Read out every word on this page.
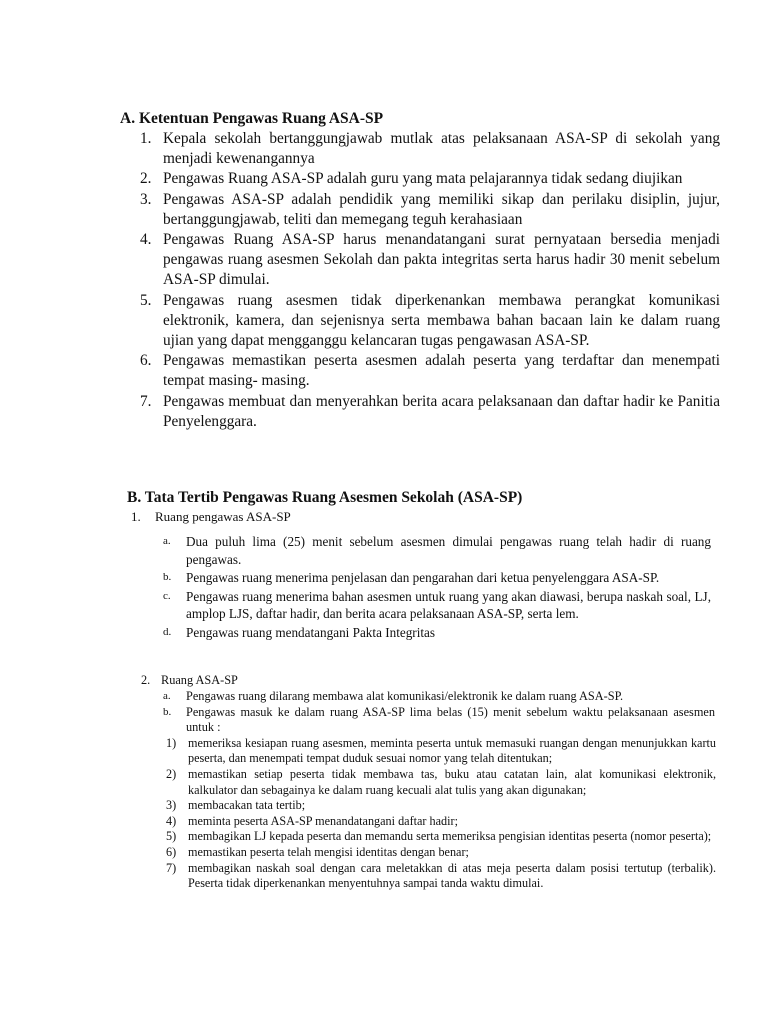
A. Ketentuan Pengawas Ruang ASA-SP
1. Kepala sekolah bertanggungjawab mutlak atas pelaksanaan ASA-SP di sekolah yang menjadi kewenangannya
2. Pengawas Ruang ASA-SP adalah guru yang mata pelajarannya tidak sedang diujikan
3. Pengawas ASA-SP adalah pendidik yang memiliki sikap dan perilaku disiplin, jujur, bertanggungjawab, teliti dan memegang teguh kerahasiaan
4. Pengawas Ruang ASA-SP harus menandatangani surat pernyataan bersedia menjadi pengawas ruang asesmen Sekolah dan pakta integritas serta harus hadir 30 menit sebelum ASA-SP dimulai.
5. Pengawas ruang asesmen tidak diperkenankan membawa perangkat komunikasi elektronik, kamera, dan sejenisnya serta membawa bahan bacaan lain ke dalam ruang ujian yang dapat mengganggu kelancaran tugas pengawasan ASA-SP.
6. Pengawas memastikan peserta asesmen adalah peserta yang terdaftar dan menempati tempat masing- masing.
7. Pengawas membuat dan menyerahkan berita acara pelaksanaan dan daftar hadir ke Panitia Penyelenggara.
B. Tata Tertib Pengawas Ruang Asesmen Sekolah (ASA-SP)
1. Ruang pengawas ASA-SP
a. Dua puluh lima (25) menit sebelum asesmen dimulai pengawas ruang telah hadir di ruang pengawas.
b. Pengawas ruang menerima penjelasan dan pengarahan dari ketua penyelenggara ASA-SP.
c. Pengawas ruang menerima bahan asesmen untuk ruang yang akan diawasi, berupa naskah soal, LJ, amplop LJS, daftar hadir, dan berita acara pelaksanaan ASA-SP, serta lem.
d. Pengawas ruang mendatangani Pakta Integritas
2. Ruang ASA-SP
a. Pengawas ruang dilarang membawa alat komunikasi/elektronik ke dalam ruang ASA-SP.
b. Pengawas masuk ke dalam ruang ASA-SP lima belas (15) menit sebelum waktu pelaksanaan asesmen untuk :
1) memeriksa kesiapan ruang asesmen, meminta peserta untuk memasuki ruangan dengan menunjukkan kartu peserta, dan menempati tempat duduk sesuai nomor yang telah ditentukan;
2) memastikan setiap peserta tidak membawa tas, buku atau catatan lain, alat komunikasi elektronik, kalkulator dan sebagainya ke dalam ruang kecuali alat tulis yang akan digunakan;
3) membacakan tata tertib;
4) meminta peserta ASA-SP menandatangani daftar hadir;
5) membagikan LJ kepada peserta dan memandu serta memeriksa pengisian identitas peserta (nomor peserta);
6) memastikan peserta telah mengisi identitas dengan benar;
7) membagikan naskah soal dengan cara meletakkan di atas meja peserta dalam posisi tertutup (terbalik). Peserta tidak diperkenankan menyentuhnya sampai tanda waktu dimulai.
